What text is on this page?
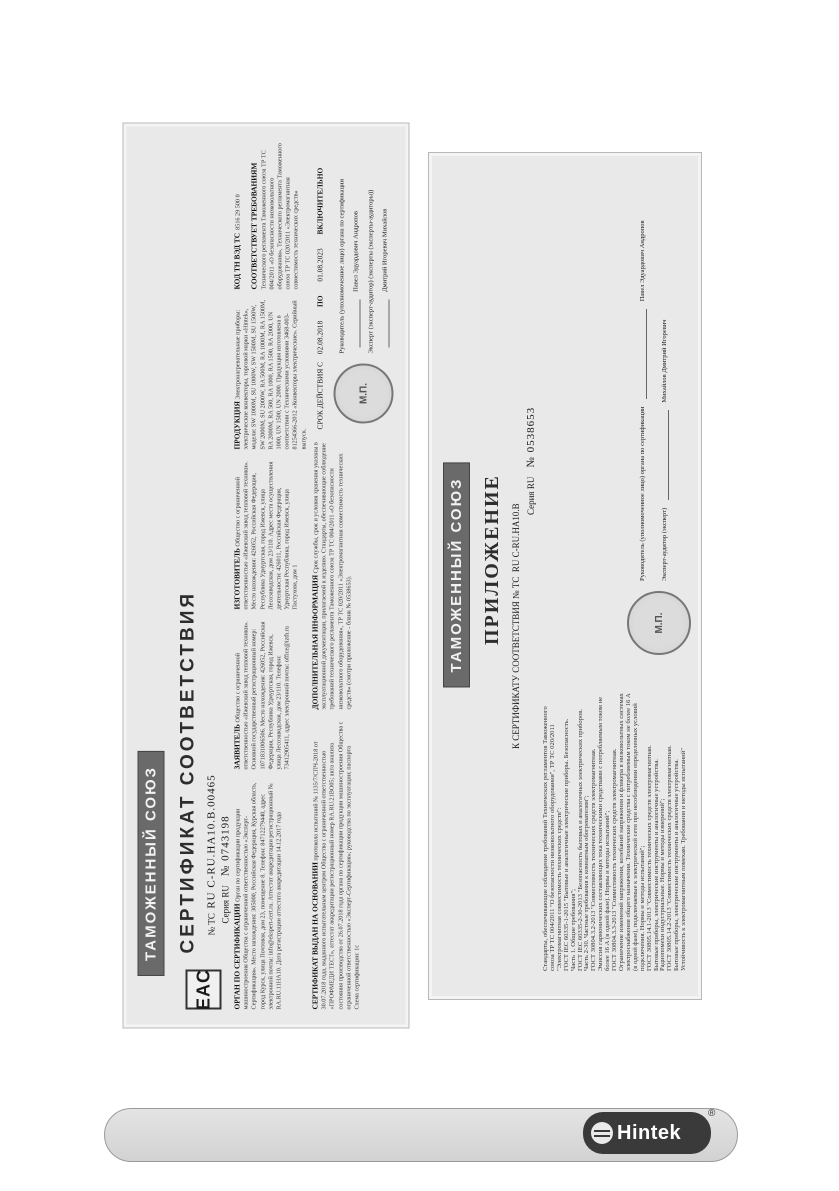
ТАМОЖЕННЫЙ СОЮЗ
EAC
СЕРТИФИКАТ СООТВЕТСТВИЯ № ТС  RU C-RU.HA10.B.00465 Серия RU    № 0743198
ОРГАН ПО СЕРТИФИКАЦИИ Орган по сертификации продукции машиностроения Общества с ограниченной ответственностью «Эксперт-Сертификация». Место нахождения: 305000, Российская Федерация, Курская область, город Курск, улица Почтовая, дом 23, помещение 8. Телефон: 84712279440, адрес электронной почты: info@ekspert-cert.ru. Аттестат аккредитации регистрационный № RA.RU.11HA10. Дата регистрации аттестата аккредитации 14.12.2017 года
ЗАЯВИТЕЛЬ Общество с ограниченной ответственностью «Ижевский завод тепловой техники». Основной государственный регистрационный номер: 1071831006506. Место нахождения: 426052, Российская Федерация, Республика Удмуртская, город Ижевск, улица Лесозаводская, дом 23/110. Телефон: 73412905411, адрес электронной почты: office@izth.ru
ИЗГОТОВИТЕЛЬ Общество с ограниченной ответственностью «Ижевский завод тепловой техники». Место нахождения: 426052, Российская Федерация, Республика Удмуртская, город Ижевск, улица Лесозаводская, дом 23/110. Адрес места осуществления деятельности: 426011, Российская Федерация, Удмуртская Республика, город Ижевск, улица Пастухова, дом 1
ПРОДУКЦИЯ Электронагревательные приборы: электрические конвекторы, торговой марки «Hintek», модели: SW 1000M, SU 1000W, SW 1500M, SU 1500W, SW 2000M, SU 2000W, RA 500M, RA 1000M, RA 1500M, RA 2000M, RA 500, RA 1000, RA 1500, RA 2000, UN 1000, UN 1500, UN 2000. Продукция изготовлена в соответствии с Техническими условиями 3468-003-81254366-2012 «Конвекторы электрические». Серийный выпуск.
КОД ТН ВЭД ТС  8516 29 500 0 СООТВЕТСТВУЕТ ТРЕБОВАНИЯМ Технического регламента Таможенного союза ТР ТС 004/2011 «О безопасности низковольтного оборудования», Технического регламента Таможенного союза ТР ТС 020/2011 «Электромагнитная совместимость технических средств»
СЕРТИФИКАТ ВЫДАН НА ОСНОВАНИИ протокола испытаний № 1135/7/СПЧ-2018 от 30.07.2018 года, выданного испытательным центром Общества с ограниченной ответственностью «ПРОФМЕДИ ТЕСТ», аттестат аккредитации регистрационный номер RA.RU.21BO05; акта анализа состояния производства от 26.07.2018 года органа по сертификации продукции машиностроения Общества с ограниченной ответственностью «Эксперт-Сертификация»; руководства по эксплуатации; паспорта
Схема сертификации: 1с
ДОПОЛНИТЕЛЬНАЯ ИНФОРМАЦИЯ Срок службы, срок и условия хранения указаны в эксплуатационной документации, прилагаемой к изделию. Стандарты, обеспечивающие соблюдение требований технического регламента Таможенного союза ТР ТС 004/2011 «О безопасности низковольтного оборудования», ТР ТС 020/2011 «Электромагнитная совместимость технических средств» (смотри приложение - бланк № 0538653).
СРОК ДЕЙСТВИЯ С 02.08.2018 ПО 01.08.2023 ВКЛЮЧИТЕЛЬНО
М.П.
Руководитель (уполномоченное лицо) органа по сертификации Павел Эдуардович Андропов Эксперт (эксперт-аудитор) (эксперты (эксперты-аудиторы)) Дмитрий Игоревич Михайлов
ТАМОЖЕННЫЙ СОЮЗ ПРИЛОЖЕНИЕ
К СЕРТИФИКАТУ СООТВЕТСТВИЯ № ТС  RU C-RU.HA10.B
Серия RU    № 0538653
Стандарты, обеспечивающие соблюдение требований Технических регламентов Таможенного союза ТР ТС 004/2011 "О безопасности низковольтного оборудования", ТР ТС 020/2011 "Электромагнитная совместимость технических средств": ГОСТ IEC 60335-1-2015 "Бытовые и аналогичные электрические приборы. Безопасность. Часть 1. Общие требования"; ГОСТ IEC 60335-2-30-2013 "Безопасность бытовых и аналогичных электрических приборов. Часть 2-30. Частные требования к комнатным обогревателям"; ГОСТ 30804.3.2-2013 "Совместимость технических средств электромагнитная. Эмиссия гармонических составляющих тока техническими средствами с потребляемым током не более 16 А (в одной фазе). Нормы и методы испытаний"; ГОСТ 30804.3.3-2013 "Совместимость технических средств электромагнитная. Ограничение изменений напряжения, колебаний напряжения и фликера в низковольтных системах электроснабжения общего назначения. Технические средства с потребляемым током не более 16 А (в одной фазе), подключаемые к электрической сети при несоблюдении определенных условий подключения. Нормы и методы испытаний"; ГОСТ 30805.14.1-2013 "Совместимость технических средств электромагнитная. Бытовые приборы, электрические инструменты и аналогичные устройства. Радиопомехи индустриальные. Нормы и методы измерений"; ГОСТ 30805.14.2-2013 "Совместимость технических средств электромагнитная. Бытовые приборы, электрические инструменты и аналогичные устройства. Устойчивость к электромагнитным помехам. Требования и методы испытаний"
М.П.
Руководитель (уполномоченное лицо) органа по сертификации  Павел Эдуардович Андропов
Эксперт-аудитор (эксперт)  Михайлов Дмитрий Игоревич
Hintek
®
